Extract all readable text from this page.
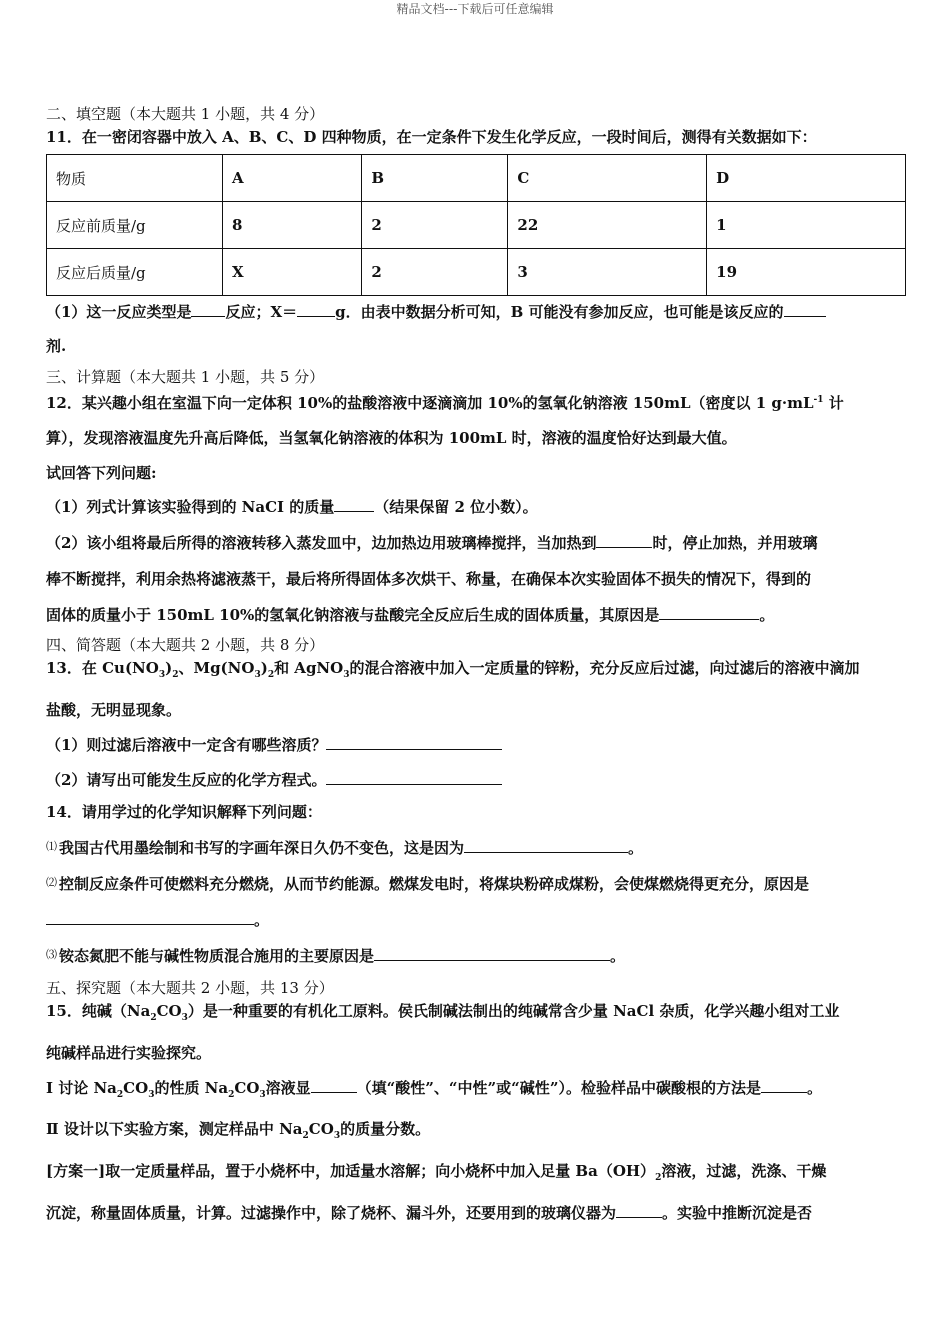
精品文档---下载后可任意编辑

二、填空题（本大题共 1 小题，共 4 分）

11．在一密闭容器中放入 A、B、C、D 四种物质，在一定条件下发生化学反应，一段时间后，测得有关数据如下：

物质	A	B	C	D
反应前质量/g	8	2	22	1
反应后质量/g	X	2	3	19

（1）这一反应类型是 反应；X＝	g．由表中数据分析可知，B 可能没有参加反应，也可能是该反应的

剂.

三、计算题（本大题共 1 小题，共 5 分）

12．某兴趣小组在室温下向一定体积 10%的盐酸溶液中逐滴滴加 10%的氢氧化钠溶液 150mL（密度以 1 $g\cdot mL^{-1}$ 计

算），发现溶液温度先升高后降低，当氢氧化钠溶液的体积为 100mL 时，溶液的温度恰好达到最大值。

试回答下列问题:

（1）列式计算该实验得到的 NaCI 的质量	（结果保留 2 位小数）。

（2）该小组将最后所得的溶液转移入蒸发皿中，边加热边用玻璃棒搅拌，当加热到	时，停止加热，并用玻璃

棒不断搅拌，利用余热将滤液蒸干，最后将所得固体多次烘干、称量，在确保本次实验固体不损失的情况下，得到的

固体的质量小于 150mL 10%的氢氧化钠溶液与盐酸完全反应后生成的固体质量，其原因是	。

四、简答题（本大题共 2 小题，共 8 分）

13．在 $Cu(NO_3)_2$、$Mg(NO_3)_2$和 AgNO$_3$的混合溶液中加入一定质量的锌粉，充分反应后过滤，向过滤后的溶液中滴加

盐酸，无明显现象。

（1）则过滤后溶液中一定含有哪些溶质？

（2）请写出可能发生反应的化学方程式。

14．请用学过的化学知识解释下列问题：

⑴ 我国古代用墨绘制和书写的字画年深日久仍不变色，这是因为	。

⑵ 控制反应条件可使燃料充分燃烧，从而节约能源。燃煤发电时，将煤块粉碎成煤粉，会使煤燃烧得更充分，原因是

。

⑶ 铵态氮肥不能与碱性物质混合施用的主要原因是	。

五、探究题（本大题共 2 小题，共 13 分）

15．纯碱$(Na_2CO_3)$是一种重要的有机化工原料。侯氏制碱法制出的纯碱常含少量 NaCl 杂质，化学兴趣小组对工业

纯碱样品进行实验探究。

Ⅰ 讨论 $Na_2CO_3$的性质 $Na_2CO_3$溶液显	（填“酸性”、“中性”或“碱性”）。检验样品中碳酸根的方法是	。

Ⅱ 设计以下实验方案，测定样品中 $Na_2CO_3$的质量分数。

[方案一]取一定质量样品，置于小烧杯中，加适量水溶解；向小烧杯中加入足量 $Ba(OH)_2$溶液，过滤，洗涤、干燥

沉淀，称量固体质量，计算。过滤操作中，除了烧杯、漏斗外，还要用到的玻璃仪器为	。实验中推断沉淀是否
